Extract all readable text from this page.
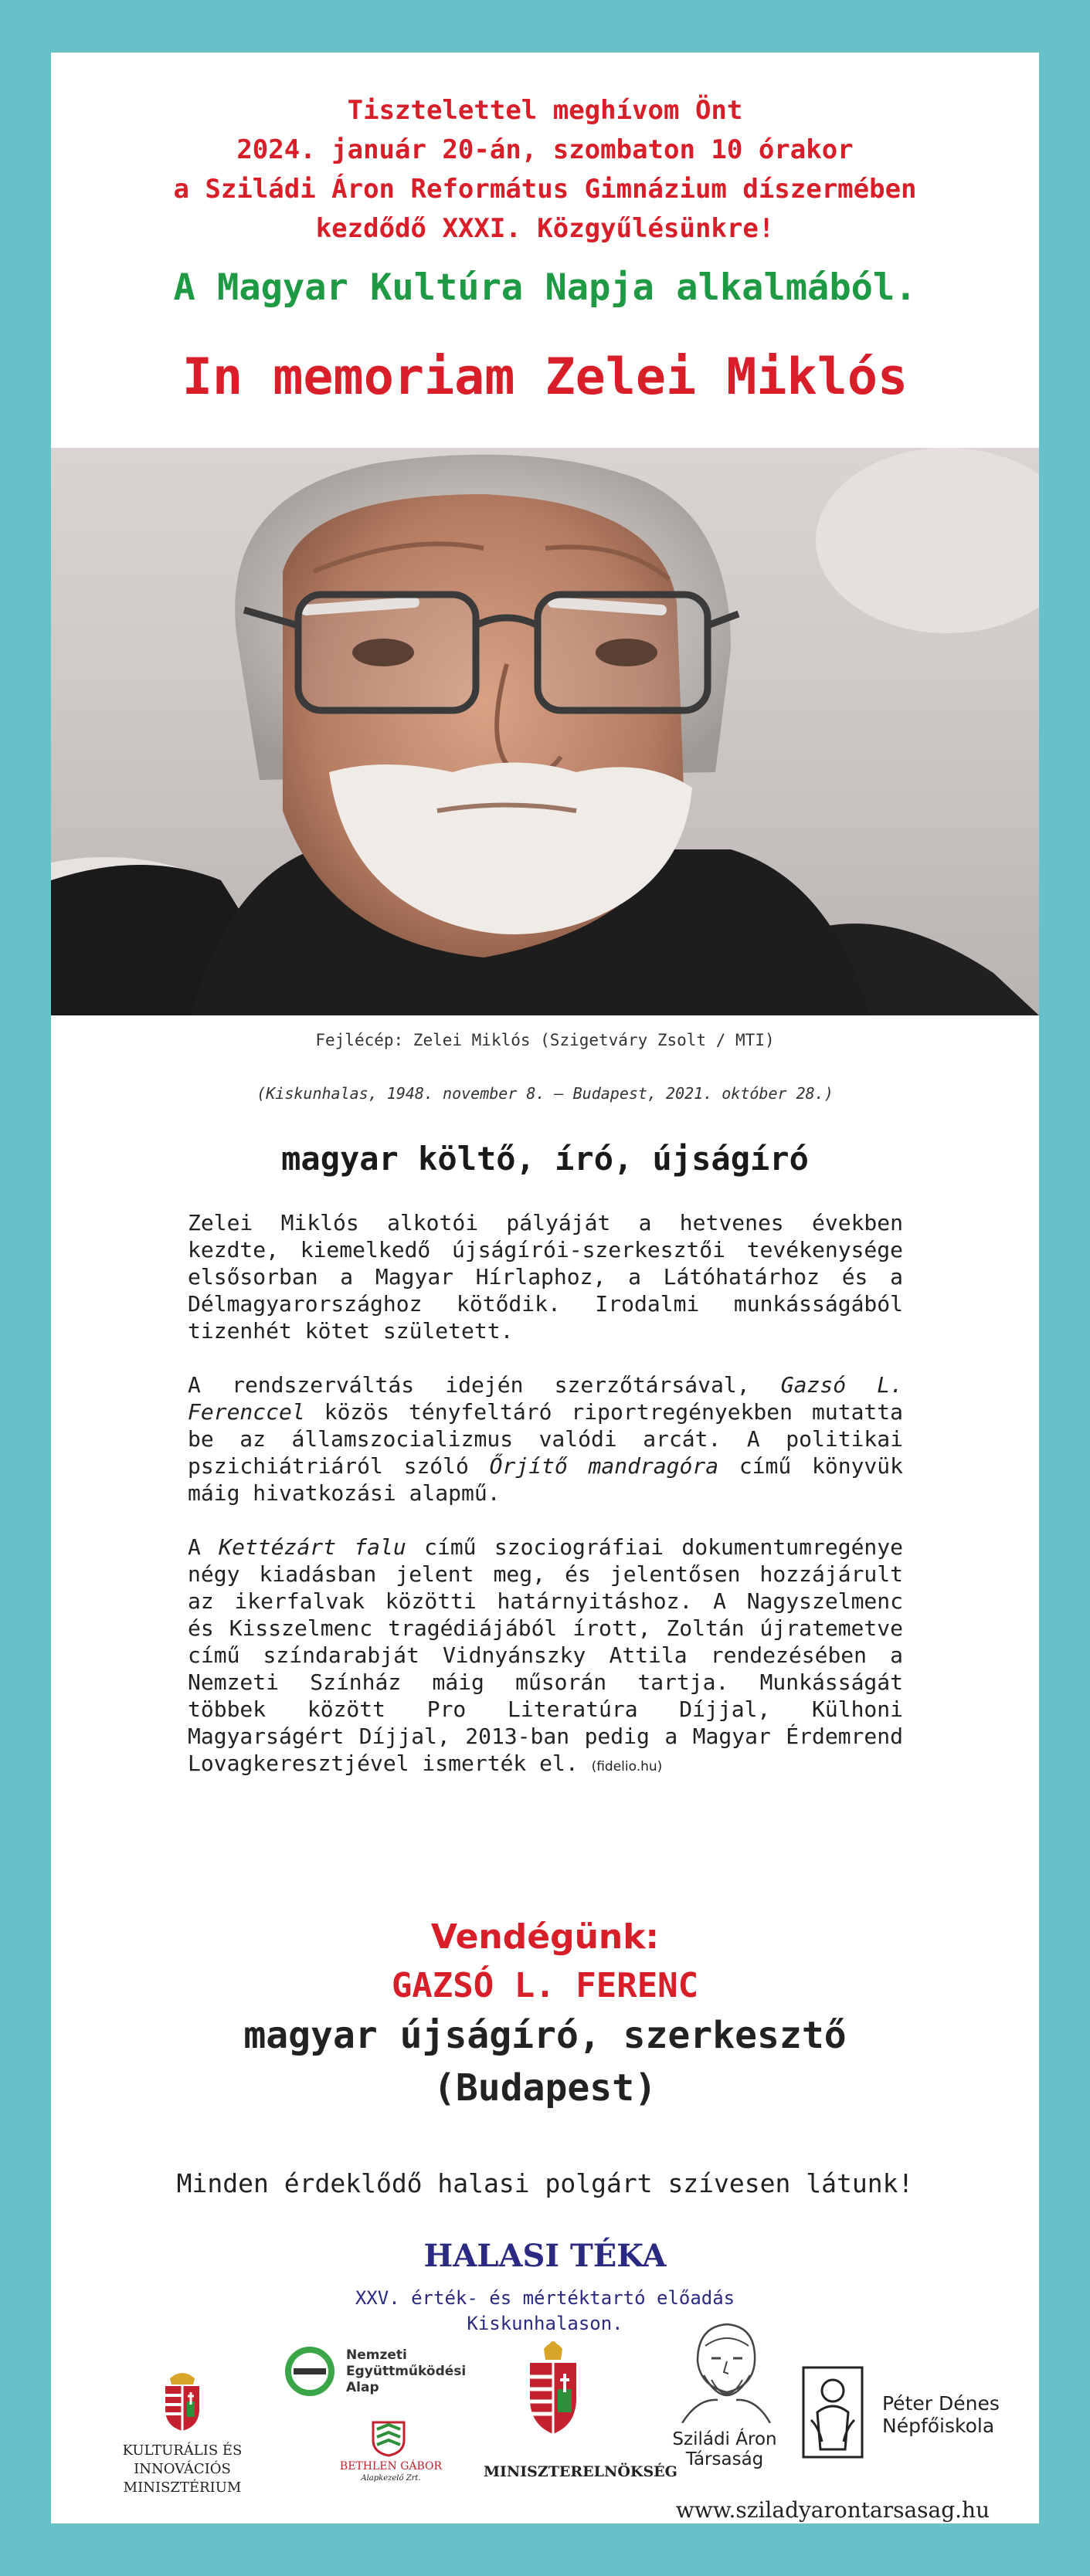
Tisztelettel meghívom Önt
2024. január 20-án, szombaton 10 órakor
a Sziládi Áron Református Gimnázium díszermében
kezdődő XXXI. Közgyűlésünkre!
A Magyar Kultúra Napja alkalmából.
In memoriam Zelei Miklós
Fejlécép: Zelei Miklós (Szigetváry Zsolt / MTI)
(Kiskunhalas, 1948. november 8. – Budapest, 2021. október 28.)
magyar költő, író, újságíró

Zelei Miklós alkotói pályáját a hetvenes években kezdte, kiemelkedő újságírói-szerkesztői tevékenysége elsősorban a Magyar Hírlaphoz, a Látóhatárhoz és a Délmagyarországhoz kötődik. Irodalmi munkásságából tizenhét kötet született.

A rendszerváltás idején szerzőtársával, Gazsó L. Ferenccel közös tényfeltáró riportregényekben mutatta be az államszocializmus valódi arcát. A politikai pszichiátriáról szóló Őrjítő mandragóra című könyvük máig hivatkozási alapmű.

A Kettézárt falu című szociográfiai dokumentumregénye négy kiadásban jelent meg, és jelentősen hozzájárult az ikerfalvak közötti határnyitáshoz. A Nagyszelmenc és Kisszelmenc tragédiájából írott, Zoltán újratemetve című színdarabját Vidnyánszky Attila rendezésében a Nemzeti Színház máig műsorán tartja. Munkásságát többek között Pro Literatúra Díjjal, Külhoni Magyarságért Díjjal, 2013-ban pedig a Magyar Érdemrend Lovagkeresztjével ismerték el. (fidelio.hu)

Vendégünk:
GAZSÓ L. FERENC
magyar újságíró, szerkesztő
(Budapest)
Minden érdeklődő halasi polgárt szívesen látunk!
HALASI TÉKA
XXV. érték- és mértéktartó előadás
Kiskunhalason.
KULTURÁLIS ÉS INNOVÁCIÓS MINISZTÉRIUM
Nemzeti
Együttműködési
Alap
BETHLEN GÁBOR
Alapkezelő Zrt.	MINISZTERELNÖKSÉG
Sziládi Áron
Társaság
Péter Dénes
Népfőiskola
www.sziladyarontarsasag.hu
